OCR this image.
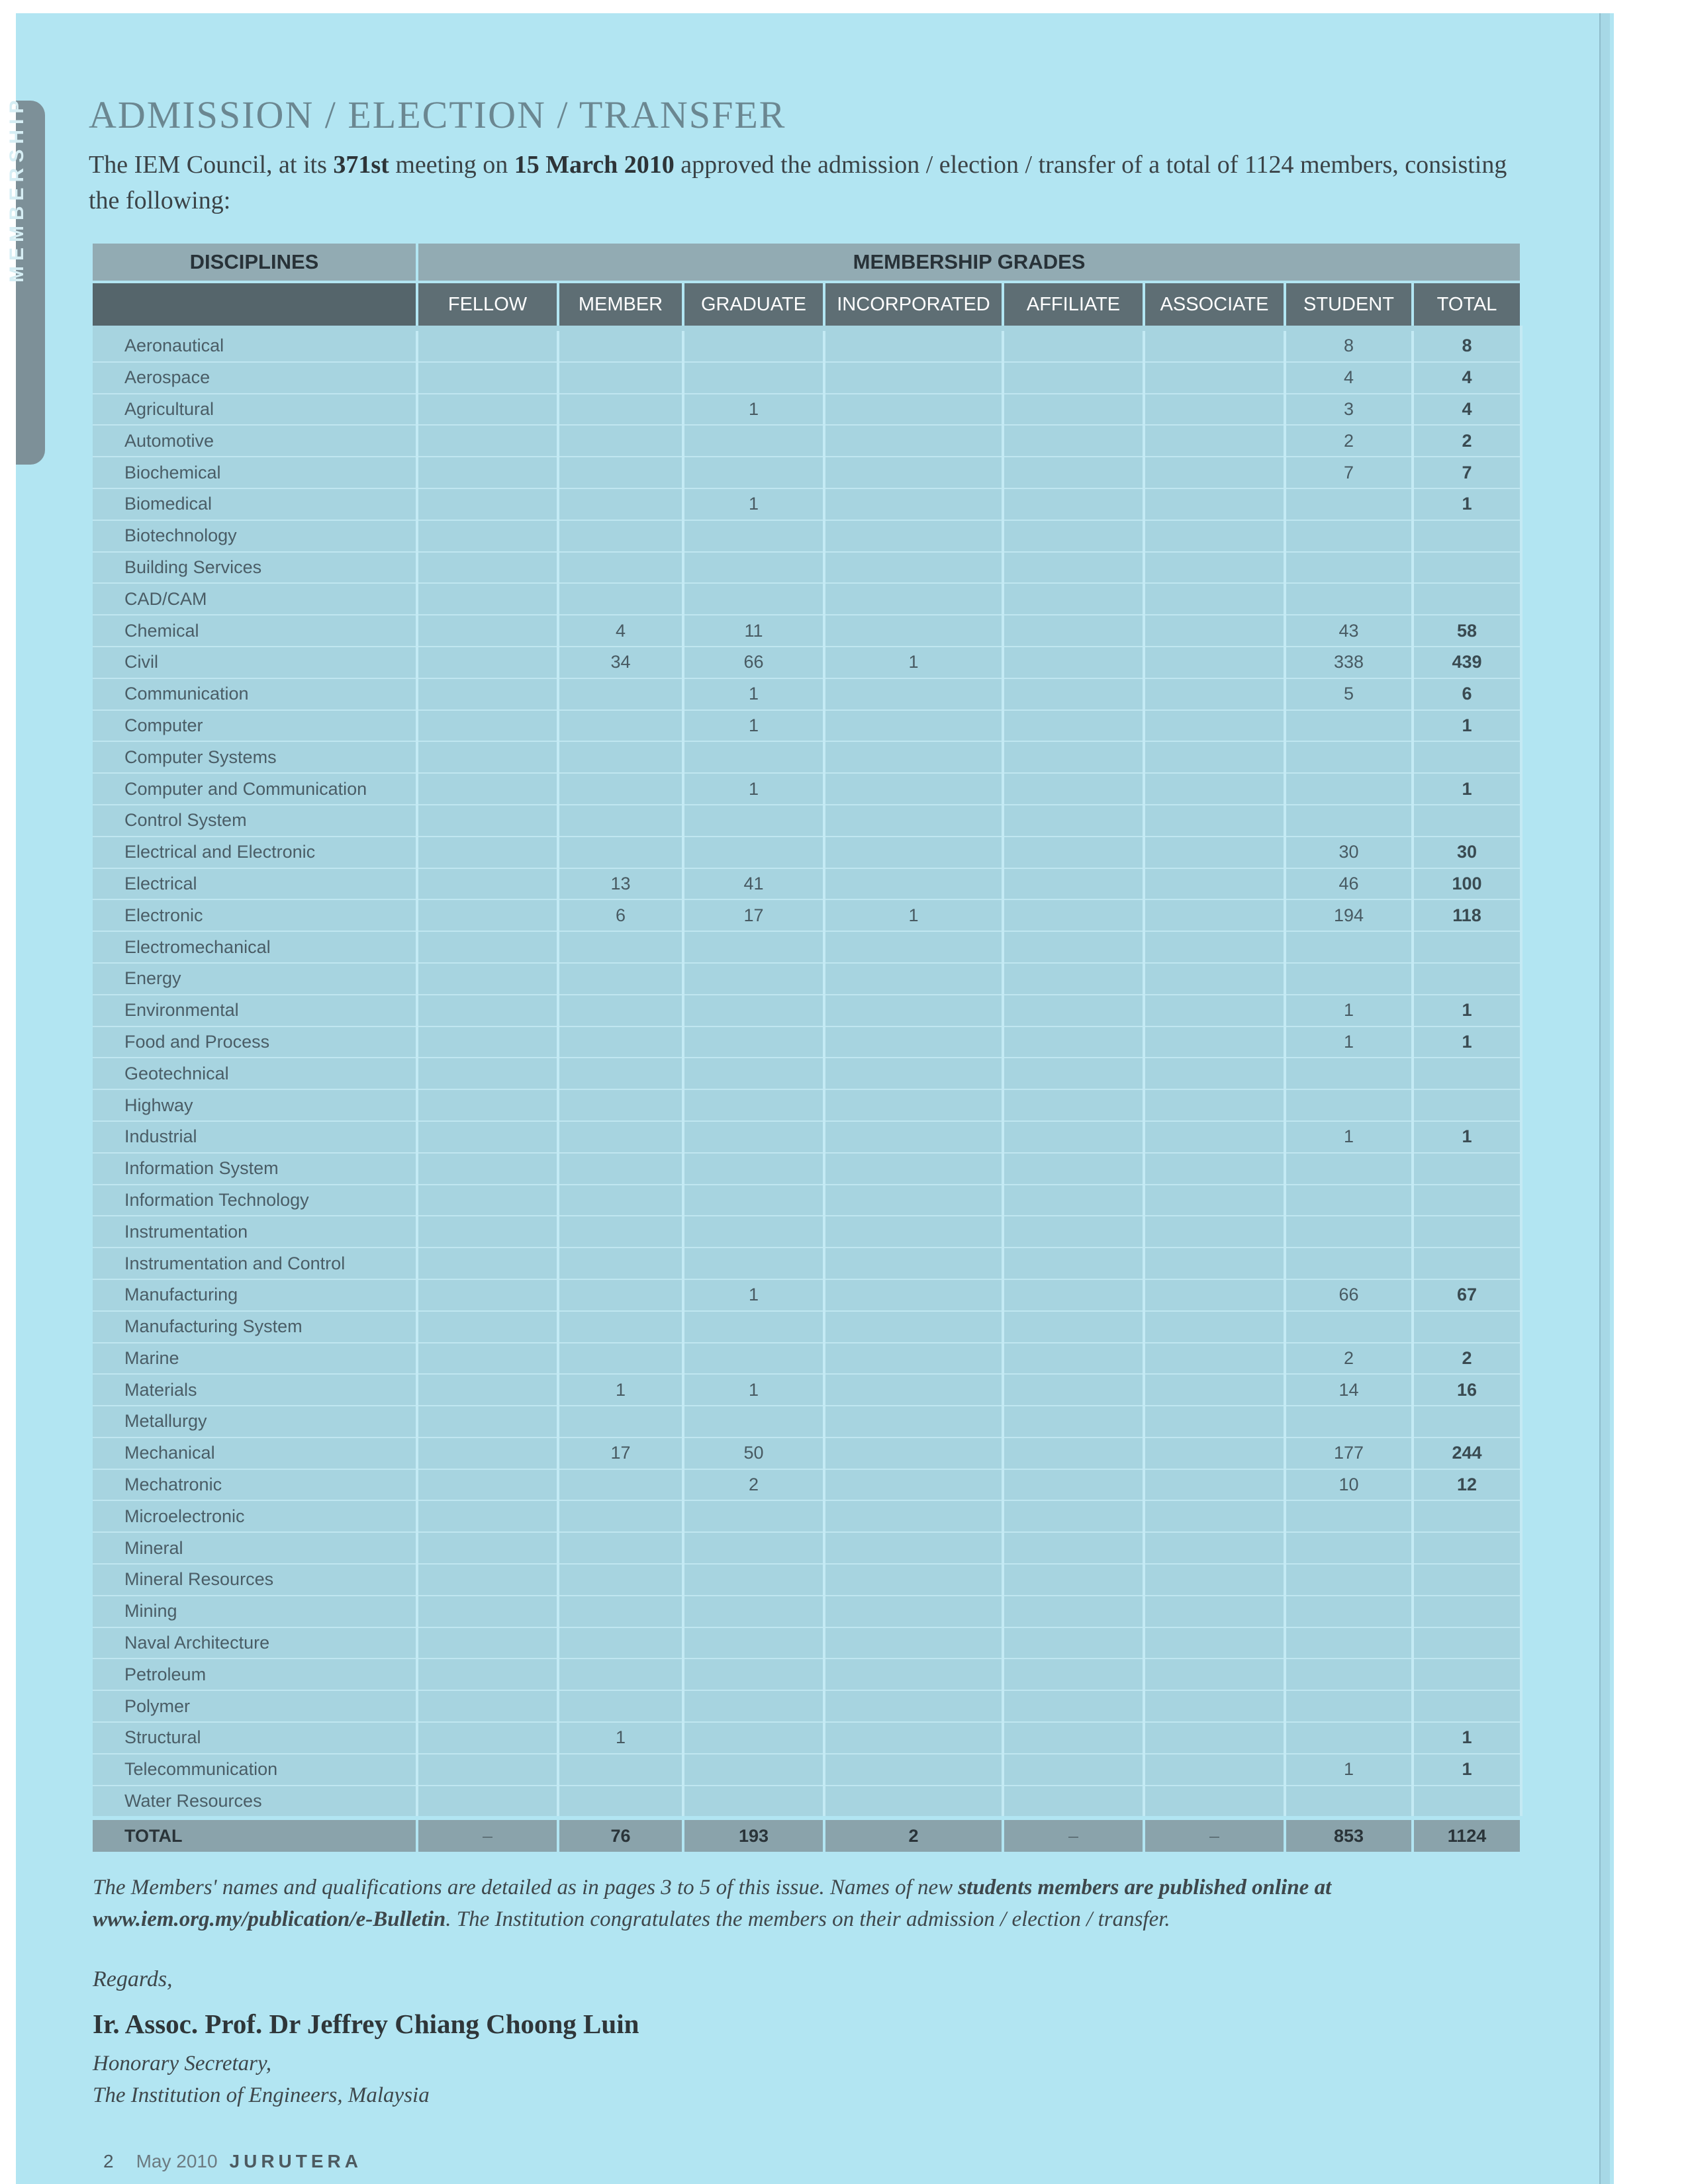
MEMBERSHIP ADMISSION / ELECTION / TRANSFER

The IEM Council, at its 371st meeting on 15 March 2010 approved the admission / election / transfer of a total of 1124 members, consisting the following:

DISCIPLINES	MEMBERSHIP GRADES							
	FELLOW	MEMBER	GRADUATE	INCORPORATED	AFFILIATE	ASSOCIATE	STUDENT	TOTAL

Aeronautical							8	8
Aerospace							4	4
Agricultural			1				3	4
Automotive							2	2
Biochemical							7	7
Biomedical			1					1
Biotechnology								
Building Services								
CAD/CAM								
Chemical		4	11				43	58
Civil		34	66	1			338	439
Communication			1				5	6
Computer			1					1
Computer Systems								
Computer and Communication			1					1
Control System								
Electrical and Electronic							30	30
Electrical		13	41				46	100
Electronic		6	17	1			194	118
Electromechanical								
Energy								
Environmental							1	1
Food and Process							1	1
Geotechnical								
Highway								
Industrial							1	1
Information System								
Information Technology								
Instrumentation								
Instrumentation and Control								
Manufacturing			1				66	67
Manufacturing System								
Marine							2	2
Materials		1	1				14	16
Metallurgy								
Mechanical		17	50				177	244
Mechatronic			2				10	12
Microelectronic								
Mineral								
Mineral Resources								
Mining								
Naval Architecture								
Petroleum								
Polymer								
Structural		1						1
Telecommunication							1	1
Water Resources								
TOTAL	–	76	193	2	–	–	853	1124

The Members' names and qualifications are detailed as in pages 3 to 5 of this issue. Names of new students members are published online at www.iem.org.my/publication/e-Bulletin. The Institution congratulates the members on their admission / election / transfer.

Regards,

Ir. Assoc. Prof. Dr Jeffrey Chiang Choong Luin

Honorary Secretary,
The Institution of Engineers, Malaysia

2 May 2010 JURUTERA
